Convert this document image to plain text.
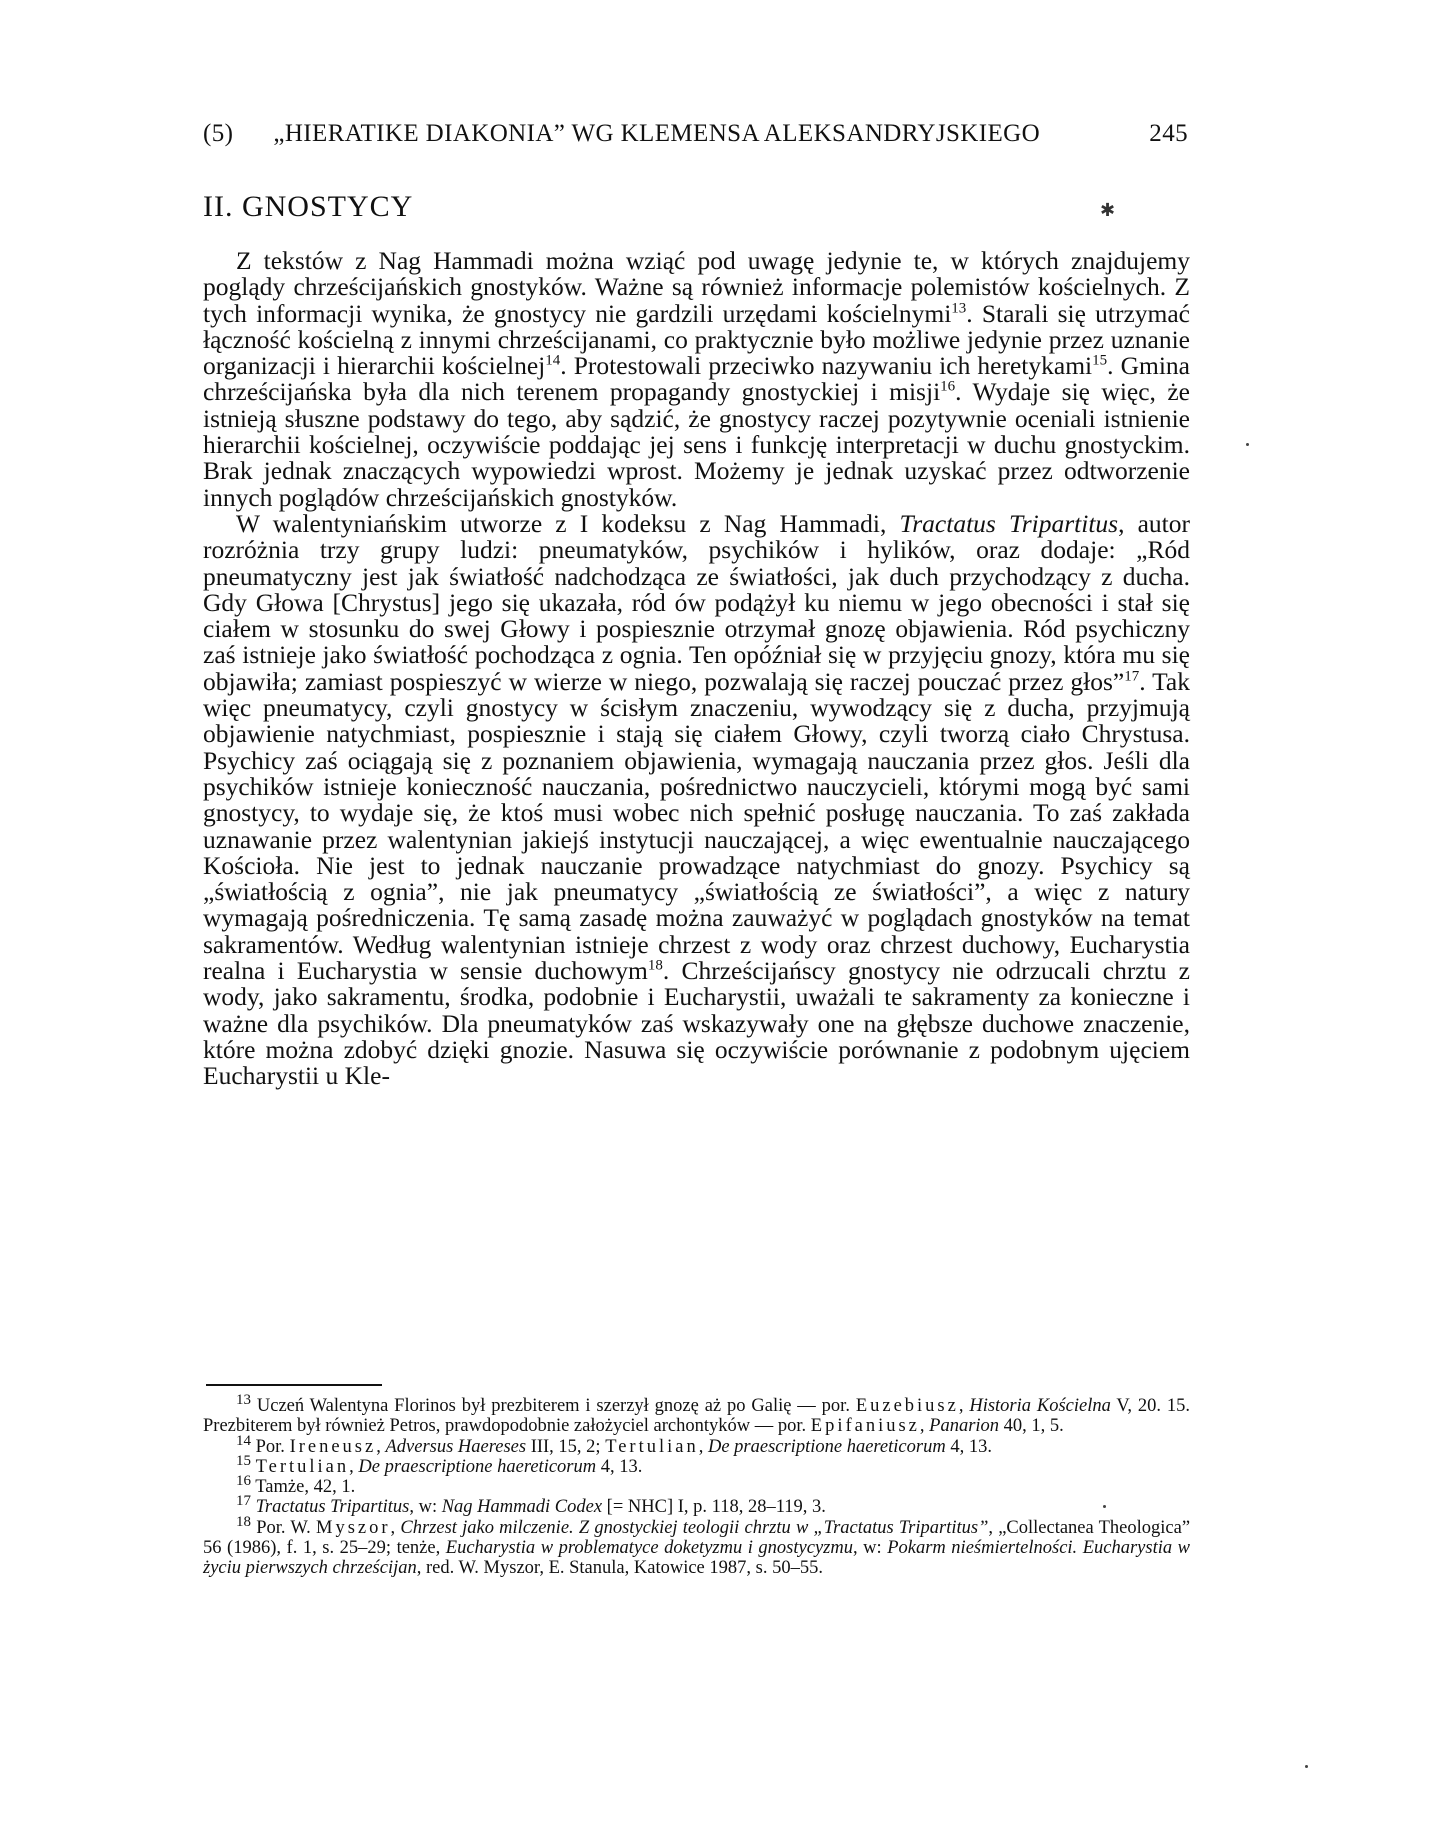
(5)	„HIERATIKE DIAKONIA” WG KLEMENSA ALEKSANDRYJSKIEGO	245
II. GNOSTYCY	✱

Z tekstów z Nag Hammadi można wziąć pod uwagę jedynie te, w których znajdujemy poglądy chrześcijańskich gnostyków. Ważne są również informacje polemistów kościelnych. Z tych informacji wynika, że gnostycy nie gardzili urzędami kościelnymi$^{13}$. Starali się utrzymać łączność kościelną z innymi chrześcijanami, co praktycznie było możliwe jedynie przez uznanie organizacji i hierarchii kościelnej$^{14}$. Protestowali przeciwko nazywaniu ich heretykami$^{15}$. Gmina chrześcijańska była dla nich terenem propagandy gnostyckiej i misji$^{16}$. Wydaje się więc, że istnieją słuszne podstawy do tego, aby sądzić, że gnostycy raczej pozytywnie oceniali istnienie hierarchii kościelnej, oczywiście poddając jej sens i funkcję interpretacji w duchu gnostyckim. Brak jednak znaczących wypowiedzi wprost. Możemy je jednak uzyskać przez odtworzenie innych poglądów chrześcijańskich gnostyków.

W walentyniańskim utworze z I kodeksu z Nag Hammadi, Tractatus Tripartitus, autor rozróżnia trzy grupy ludzi: pneumatyków, psychików i hylików, oraz dodaje: „Ród pneumatyczny jest jak światłość nadchodząca ze światłości, jak duch przychodzący z ducha. Gdy Głowa [Chrystus] jego się ukazała, ród ów podążył ku niemu w jego obecności i stał się ciałem w stosunku do swej Głowy i pospiesznie otrzymał gnozę objawienia. Ród psychiczny zaś istnieje jako światłość pochodząca z ognia. Ten opóźniał się w przyjęciu gnozy, która mu się objawiła; zamiast pospieszyć w wierze w niego, pozwalają się raczej pouczać przez głos”$^{17}$. Tak więc pneumatycy, czyli gnostycy w ścisłym znaczeniu, wywodzący się z ducha, przyjmują objawienie natychmiast, pospiesznie i stają się ciałem Głowy, czyli tworzą ciało Chrystusa. Psychicy zaś ociągają się z poznaniem objawienia, wymagają nauczania przez głos. Jeśli dla psychików istnieje konieczność nauczania, pośrednictwo nauczycieli, którymi mogą być sami gnostycy, to wydaje się, że ktoś musi wobec nich spełnić posługę nauczania. To zaś zakłada uznawanie przez walentynian jakiejś instytucji nauczającej, a więc ewentualnie nauczającego Kościoła. Nie jest to jednak nauczanie prowadzące natychmiast do gnozy. Psychicy są „światłością z ognia”, nie jak pneumatycy „światłością ze światłości”, a więc z natury wymagają pośredniczenia. Tę samą zasadę można zauważyć w poglądach gnostyków na temat sakramentów. Według walentynian istnieje chrzest z wody oraz chrzest duchowy, Eucharystia realna i Eucharystia w sensie duchowym$^{18}$. Chrześcijańscy gnostycy nie odrzucali chrztu z wody, jako sakramentu, środka, podobnie i Eucharystii, uważali te sakramenty za konieczne i ważne dla psychików. Dla pneumatyków zaś wskazywały one na głębsze duchowe znaczenie, które można zdobyć dzięki gnozie. Nasuwa się oczywiście porównanie z podobnym ujęciem Eucharystii u Kle-

$^{13}$ Uczeń Walentyna Florinos był prezbiterem i szerzył gnozę aż po Galię — por. Euzebiusz, Historia Kościelna V, 20. 15. Prezbiterem był również Petros, prawdopodobnie założyciel archontyków — por. Epifaniusz, Panarion 40, 1, 5.

$^{14}$ Por. Ireneusz, Adversus Haereses III, 15, 2; Tertulian, De praescriptione haereticorum 4, 13.

$^{15}$ Tertulian, De praescriptione haereticorum 4, 13.

$^{16}$ Tamże, 42, 1.

$^{17}$ Tractatus Tripartitus, w: Nag Hammadi Codex [= NHC] I, p. 118, 28–119, 3.

$^{18}$ Por. W. Myszor, Chrzest jako milczenie. Z gnostyckiej teologii chrztu w „Tractatus Tripartitus”, „Collectanea Theologica” 56 (1986), f. 1, s. 25–29; tenże, Eucharystia w problematyce doketyzmu i gnostycyzmu, w: Pokarm nieśmiertelności. Eucharystia w życiu pierwszych chrześcijan, red. W. Myszor, E. Stanula, Katowice 1987, s. 50–55.
